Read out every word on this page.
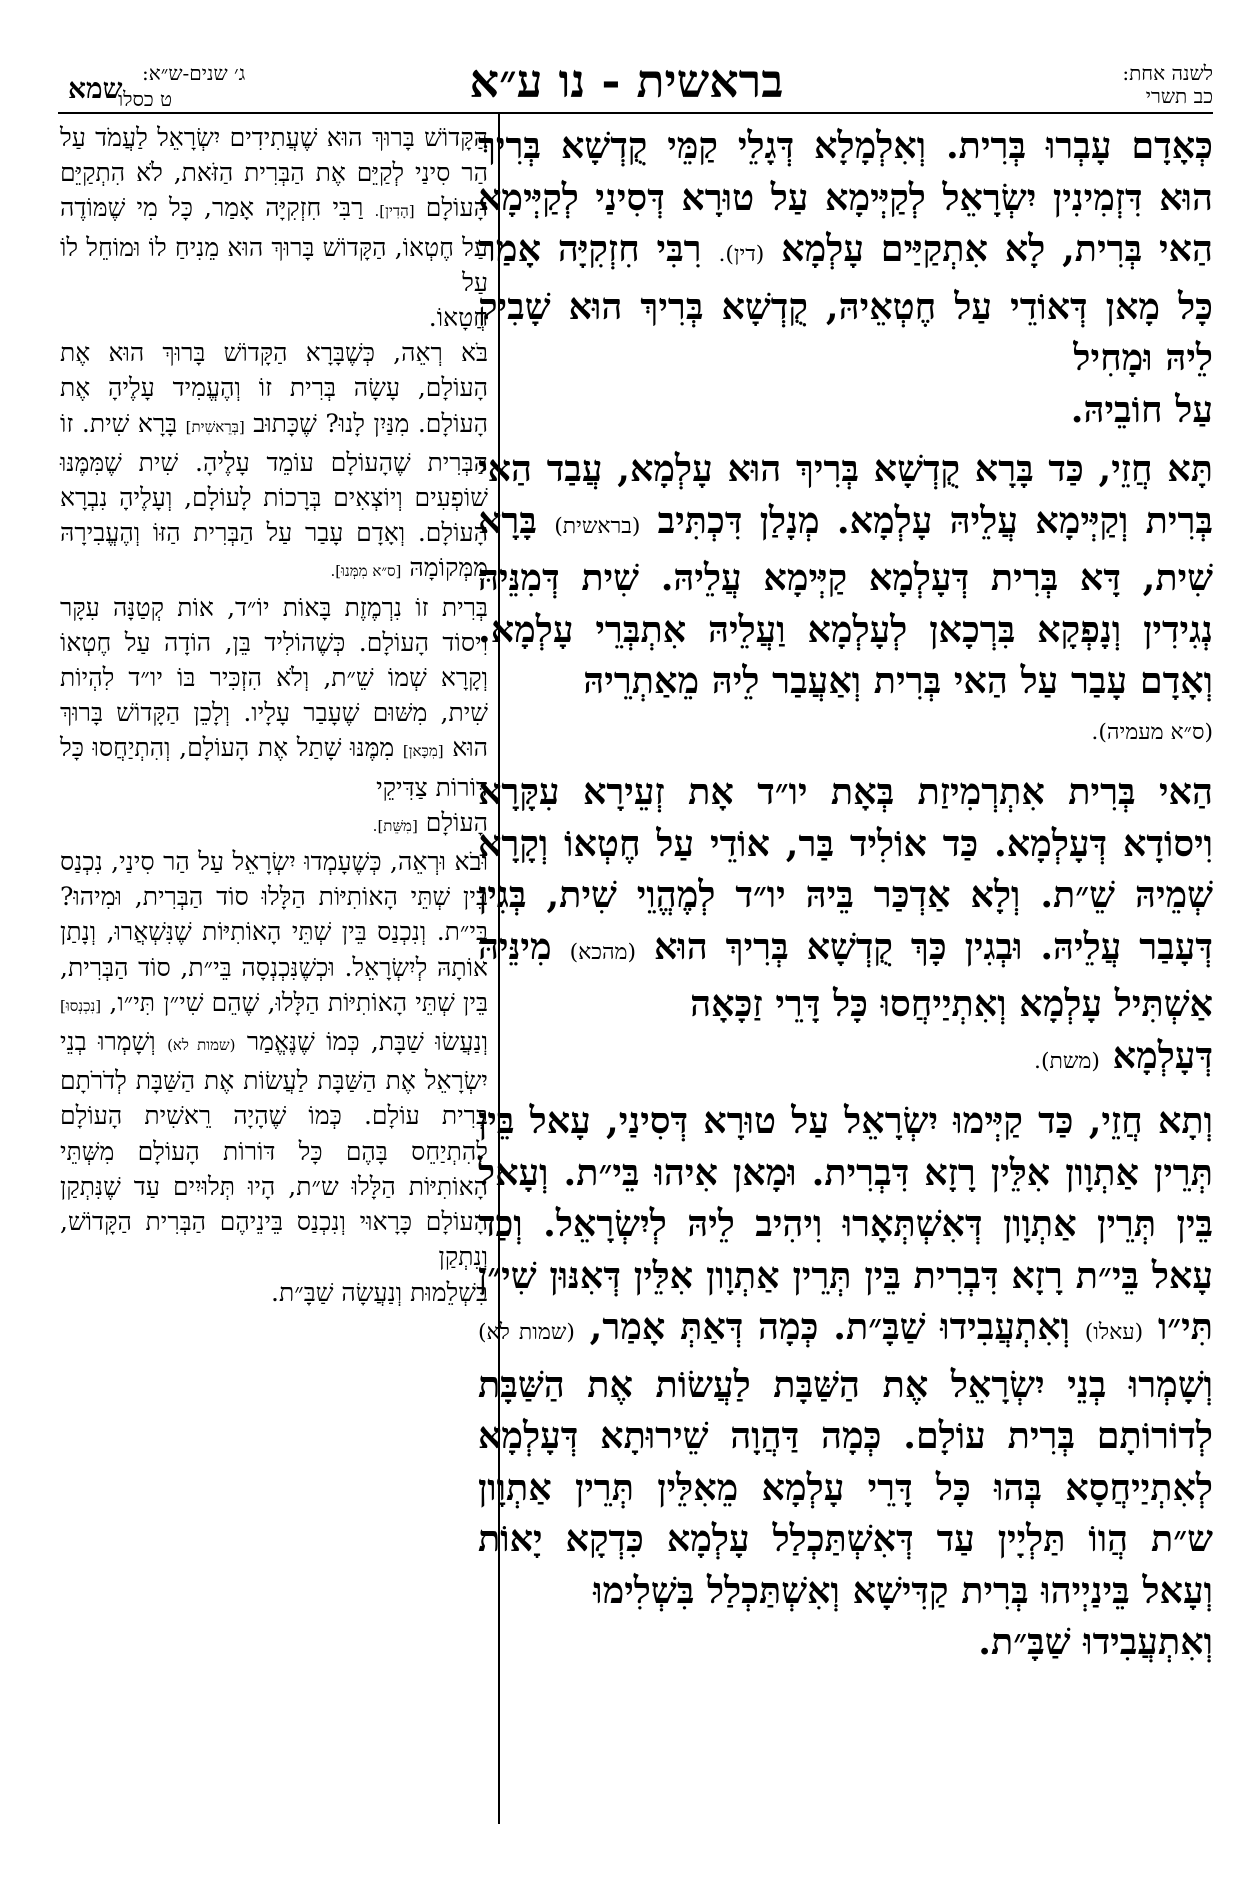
לשנה אחת:
כב תשרי
בראשית - נו ע״א
ג׳ שנים-ש״א:
שמא
ט כסלו

כְּאָדָם עָבְרוּ בְּרִית. וְאִלְמָלָא דְּגָלֵי קַמֵּי קֻדְשָׁא בְּרִיךְ הוּא דִּזְמִינִין יִשְׂרָאֵל לְקַיְּימָא עַל טוּרָא דְּסִינַי לְקַיְּימָא הַאי בְּרִית, לָא אִתְקַיַּים עָלְמָא (דין). רִבִּי חִזְקִיָּה אָמַר כָּל מָאן דְּאוֹדֵי עַל חֶטְאֵיהּ, קֻדְשָׁא בְּרִיךְ הוּא שָׁבִיק לֵיהּ וּמָחִיל
עַל חוֹבֵיהּ.

תָּא חֲזֵי, כַּד בָּרָא קֻדְשָׁא בְּרִיךְ הוּא עָלְמָא, עֲבַד הַאי בְּרִית וְקַיְּימָא עֲלֵיהּ עָלְמָא. מְנָלַן דִּכְתִּיב (בראשית) בָּרָא שִׁית, דָּא בְּרִית דְּעָלְמָא קַיְּימָא עֲלֵיהּ. שִׁית דְּמִנֵּיהּ נְגִידִין וְנָפְקָא בִּרְכָאן לְעָלְמָא וַעֲלֵיהּ אִתְבְּרֵי עָלְמָא. וְאָדָם עָבַר עַל הַאי בְּרִית וְאַעֲבַר לֵיהּ מֵאַתְרֵיהּ
(ס״א מעמיה).

הַאי בְּרִית אִתְרְמִיזַת בְּאָת יו״ד אָת זְעֵירָא עִקָּרָא וִיסוֹדָא דְּעָלְמָא. כַּד אוֹלִיד בַּר, אוֹדֵי עַל חֶטְאוֹ וְקָרָא שְׁמֵיהּ שֵׁ״ת. וְלָא אַדְכַּר בֵּיהּ יו״ד לְמֶהֱוֵי שִׁית, בְּגִין דְּעָבַר עֲלֵיהּ. וּבְגִין כָּךְ קֻדְשָׁא בְּרִיךְ הוּא (מהכא) מִינֵּיהּ אַשְׁתִּיל עָלְמָא וְאִתְיַיחֲסוּ כָּל דָּרֵי זַכָּאָה
דְּעָלְמָא (משת).

וְתָא חֲזֵי, כַּד קַיְּימוּ יִשְׂרָאֵל עַל טוּרָא דְּסִינַי, עָאל בֵּין תְּרֵין אַתְוָון אִלֵּין רָזָא דִּבְרִית. וּמָאן אִיהוּ בֵּי״ת. וְעָאל בֵּין תְּרֵין אַתְוָון דְּאִשְׁתְּאָרוּ וִיהִיב לֵיהּ לְיִשְׂרָאֵל. וְכַד עָאל בֵּי״ת רָזָא דִּבְרִית בֵּין תְּרֵין אַתְוָון אִלֵּין דְּאִנּוּן שִׁי״ן תִּי״ו (עאלו) וְאִתְעֲבִידוּ שַׁבָּ״ת. כְּמָה דְּאַתְּ אָמַר, (שמות לא) וְשָׁמְרוּ בְנֵי יִשְׂרָאֵל אֶת הַשַּׁבָּת לַעֲשׂוֹת אֶת הַשַּׁבָּת לְדוֹרוֹתָם בְּרִית עוֹלָם. כְּמָה דַּהֲוָה שֵׁירוּתָא דְּעָלְמָא לְאִתְיַיחֲסָא בְּהוּ כָּל דָּרֵי עָלְמָא מֵאִלֵּין תְּרֵין אַתְוָון ש״ת הֲווֹ תַּלְיָין עַד דְּאִשְׁתַּכְלַל עָלְמָא כִּדְקָא יָאוֹת וְעָאל בֵּינַיְיהוּ בְּרִית קַדִּישָׁא וְאִשְׁתַּכְלַל בִּשְׁלִימוּ
וְאִתְעֲבִידוּ שַׁבָּ״ת.

הַקָּדוֹשׁ בָּרוּךְ הוּא שֶׁעֲתִידִים יִשְׂרָאֵל לַעֲמֹד עַל הַר סִינַי לְקַיֵּם אֶת הַבְּרִית הַזֹּאת, לֹא הִתְקַיֵּם הָעוֹלָם [הָדִין]. רַבִּי חִזְקִיָּה אָמַר, כָּל מִי שֶׁמּוֹדֶה עַל חֶטְאוֹ, הַקָּדוֹשׁ בָּרוּךְ הוּא מֵנִיחַ לוֹ וּמוֹחֵל לוֹ עַל
חֲטָאוֹ.

בֹּא רְאֵה, כְּשֶׁבָּרָא הַקָּדוֹשׁ בָּרוּךְ הוּא אֶת הָעוֹלָם, עָשָׂה בְּרִית זוֹ וְהֶעֱמִיד עָלֶיהָ אֶת הָעוֹלָם. מִנַּיִן לָנוּ? שֶׁכָּתוּב [בְּרֵאשִׁית] בָּרָא שִׁית. זוֹ הַבְּרִית שֶׁהָעוֹלָם עוֹמֵד עָלֶיהָ. שִׁית שֶׁמִּמֶּנּוּ שׁוֹפְעִים וְיוֹצְאִים בְּרָכוֹת לָעוֹלָם, וְעָלֶיהָ נִבְרָא הָעוֹלָם. וְאָדָם עָבַר עַל הַבְּרִית הַזּוֹ וְהֶעֱבִירָהּ מִמְּקוֹמָהּ [ס״א מִמְּנוּ].

בְּרִית זוֹ נִרְמֶזֶת בָּאוֹת יוֹ״ד, אוֹת קְטַנָּה עִקָּר וִיסוֹד הָעוֹלָם. כְּשֶׁהוֹלִיד בֵּן, הוֹדָה עַל חֶטְאוֹ וְקָרָא שְׁמוֹ שֵׁ״ת, וְלֹא הִזְכִּיר בּוֹ יו״ד לִהְיוֹת שִׁית, מִשּׁוּם שֶׁעָבַר עָלָיו. וְלָכֵן הַקָּדוֹשׁ בָּרוּךְ הוּא [מִכָּאן] מִמֶּנּוּ שָׁתַל אֶת הָעוֹלָם, וְהִתְיַחֲסוּ כָּל דּוֹרוֹת צַדִּיקֵי
הָעוֹלָם [מִשֵּׁת].

וּבֹא וּרְאֵה, כְּשֶׁעָמְדוּ יִשְׂרָאֵל עַל הַר סִינַי, נִכְנַס בֵּין שְׁתֵּי הָאוֹתִיּוֹת הַלָּלוּ סוֹד הַבְּרִית, וּמִיהוּ? בֵּי״ת. וְנִכְנַס בֵּין שְׁתֵּי הָאוֹתִיּוֹת שֶׁנִּשְׁאֲרוּ, וְנָתַן אוֹתָהּ לְיִשְׂרָאֵל. וּכְשֶׁנִּכְנְסָה בֵּי״ת, סוֹד הַבְּרִית, בֵּין שְׁתֵּי הָאוֹתִיּוֹת הַלָּלוּ, שֶׁהֵם שִׁי״ן תִּי״ו, [נִכְנְסוּ] וְנַעֲשׂוּ שַׁבָּת, כְּמוֹ שֶׁנֶּאֱמַר (שמות לא) וְשָׁמְרוּ בְנֵי יִשְׂרָאֵל אֶת הַשַּׁבָּת לַעֲשׂוֹת אֶת הַשַּׁבָּת לְדֹרֹתָם בְּרִית עוֹלָם. כְּמוֹ שֶׁהָיָה רֵאשִׁית הָעוֹלָם לְהִתְיַחֵס בָּהֶם כָּל דּוֹרוֹת הָעוֹלָם מִשְּׁתֵּי הָאוֹתִיּוֹת הַלָּלוּ ש״ת, הָיוּ תְּלוּיִים עַד שֶׁנִּתְקַן הָעוֹלָם כָּרָאוּי וְנִכְנַס בֵּינֵיהֶם הַבְּרִית הַקָּדוֹשׁ, וְנִתְקַן
בִּשְׁלֵמוּת וְנַעֲשָׂה שַׁבָּ״ת.
